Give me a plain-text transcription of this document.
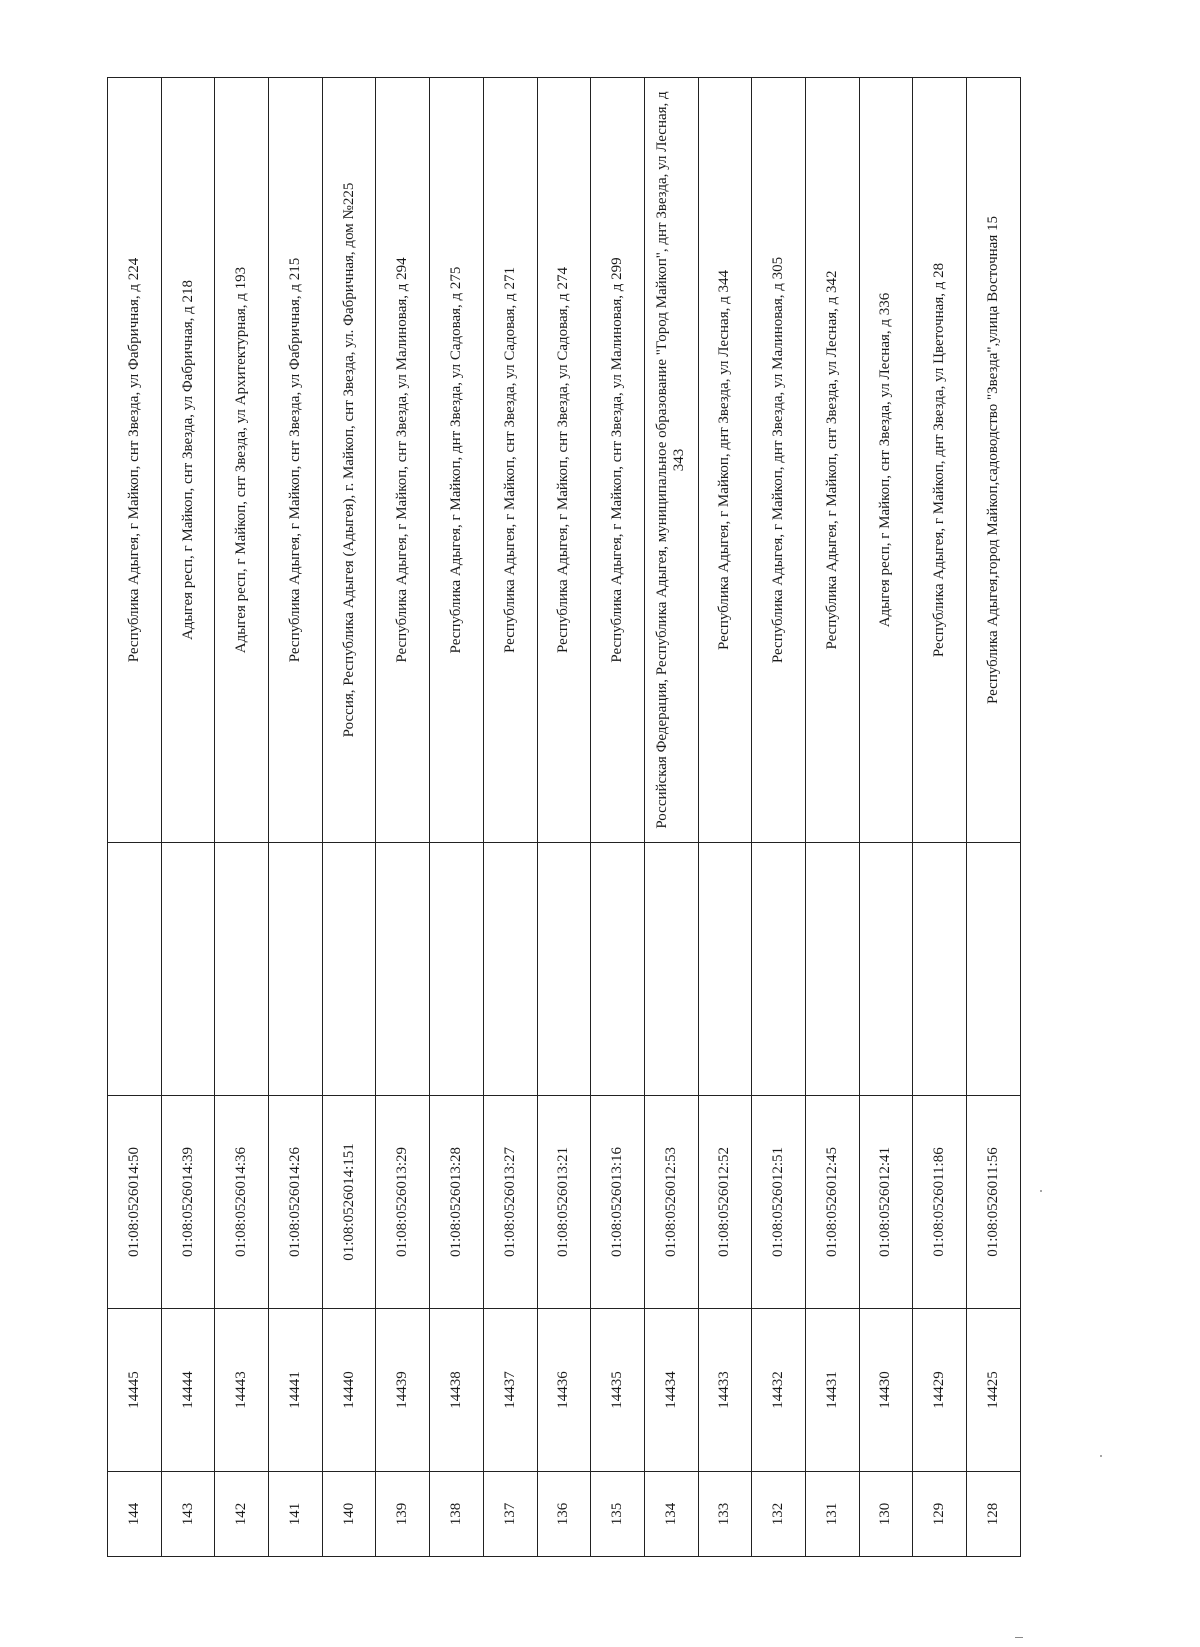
144	14445	01:08:0526014:50		Республика Адыгея, г Майкоп, снт Звезда, ул Фабричная, д 224
143	14444	01:08:0526014:39		Адыгея респ, г Майкоп, снт Звезда, ул Фабричная, д 218
142	14443	01:08:0526014:36		Адыгея респ, г Майкоп, снт Звезда, ул Архитектурная, д 193
141	14441	01:08:0526014:26		Республика Адыгея, г Майкоп, снт Звезда, ул Фабричная, д 215
140	14440	01:08:0526014:151		Россия, Республика Адыгея (Адыгея), г. Майкоп, снт Звезда, ул. Фабричная, дом №225
139	14439	01:08:0526013:29		Республика Адыгея, г Майкоп, снт Звезда, ул Малиновая, д 294
138	14438	01:08:0526013:28		Республика Адыгея, г Майкоп, днт Звезда, ул Садовая, д 275
137	14437	01:08:0526013:27		Республика Адыгея, г Майкоп, снт Звезда, ул Садовая, д 271
136	14436	01:08:0526013:21		Республика Адыгея, г Майкоп, снт Звезда, ул Садовая, д 274
135	14435	01:08:0526013:16		Республика Адыгея, г Майкоп, снт Звезда, ул Малиновая, д 299
134	14434	01:08:0526012:53		Российская Федерация, Республика Адыгея, муниципальное образование "Город Майкоп", днт Звезда, ул Лесная, д 343
133	14433	01:08:0526012:52		Республика Адыгея, г Майкоп, днт Звезда, ул Лесная, д 344
132	14432	01:08:0526012:51		Республика Адыгея, г Майкоп, днт Звезда, ул Малиновая, д 305
131	14431	01:08:0526012:45		Республика Адыгея, г Майкоп, снт Звезда, ул Лесная, д 342
130	14430	01:08:0526012:41		Адыгея респ, г Майкоп, снт Звезда, ул Лесная, д 336
129	14429	01:08:0526011:86		Республика Адыгея, г Майкоп, днт Звезда, ул Цветочная, д 28
128	14425	01:08:0526011:56		Республика Адыгея,город Майкоп,садоводство "Звезда",улица Восточная 15
